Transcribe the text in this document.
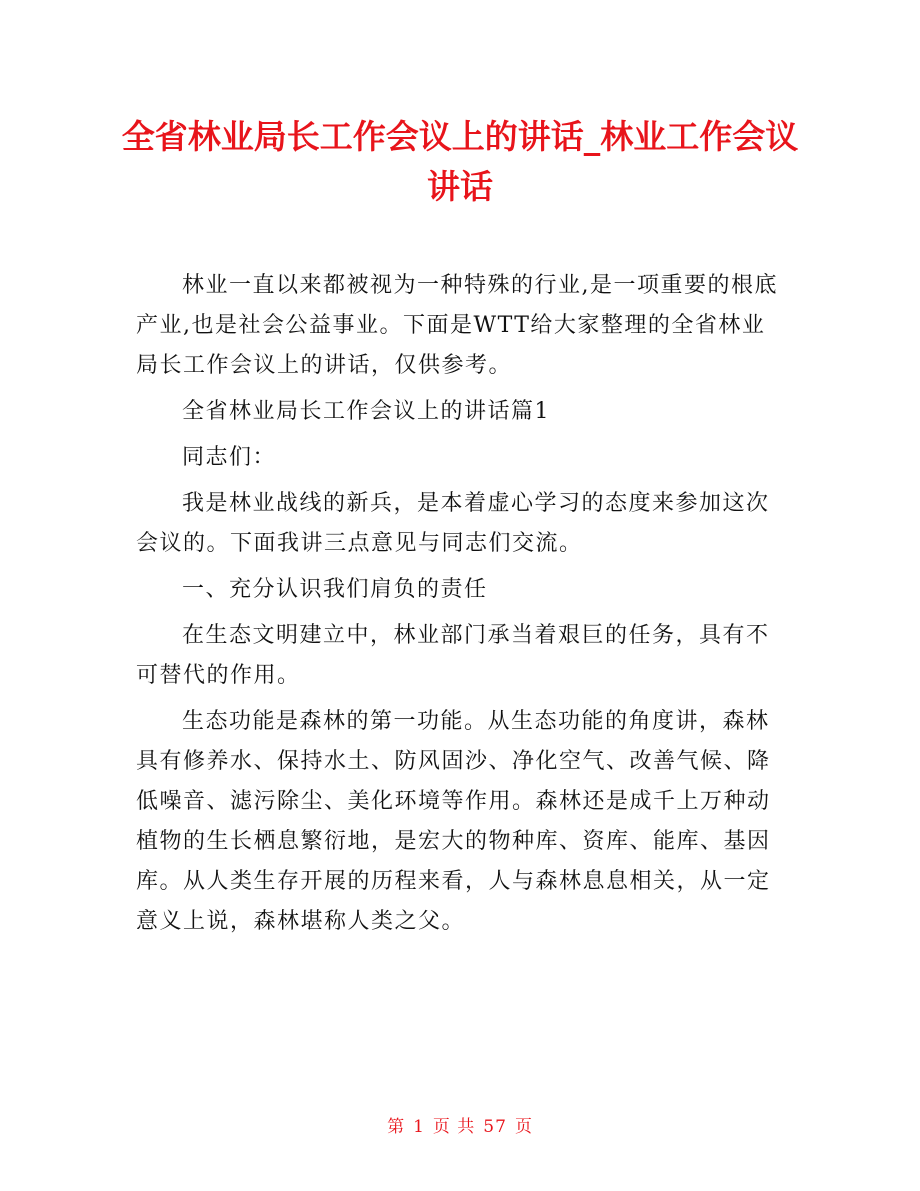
全省林业局长工作会议上的讲话_林业工作会议讲话

林业一直以来都被视为一种特殊的行业,是一项重要的根底产业,也是社会公益事业。下面是WTT给大家整理的全省林业局长工作会议上的讲话，仅供参考。

全省林业局长工作会议上的讲话篇1

同志们：

我是林业战线的新兵，是本着虚心学习的态度来参加这次会议的。下面我讲三点意见与同志们交流。

一、充分认识我们肩负的责任

在生态文明建立中，林业部门承当着艰巨的任务，具有不可替代的作用。

生态功能是森林的第一功能。从生态功能的角度讲，森林具有修养水、保持水土、防风固沙、净化空气、改善气候、降低噪音、滤污除尘、美化环境等作用。森林还是成千上万种动植物的生长栖息繁衍地，是宏大的物种库、资库、能库、基因库。从人类生存开展的历程来看，人与森林息息相关，从一定意义上说，森林堪称人类之父。

第 1 页 共 57 页
